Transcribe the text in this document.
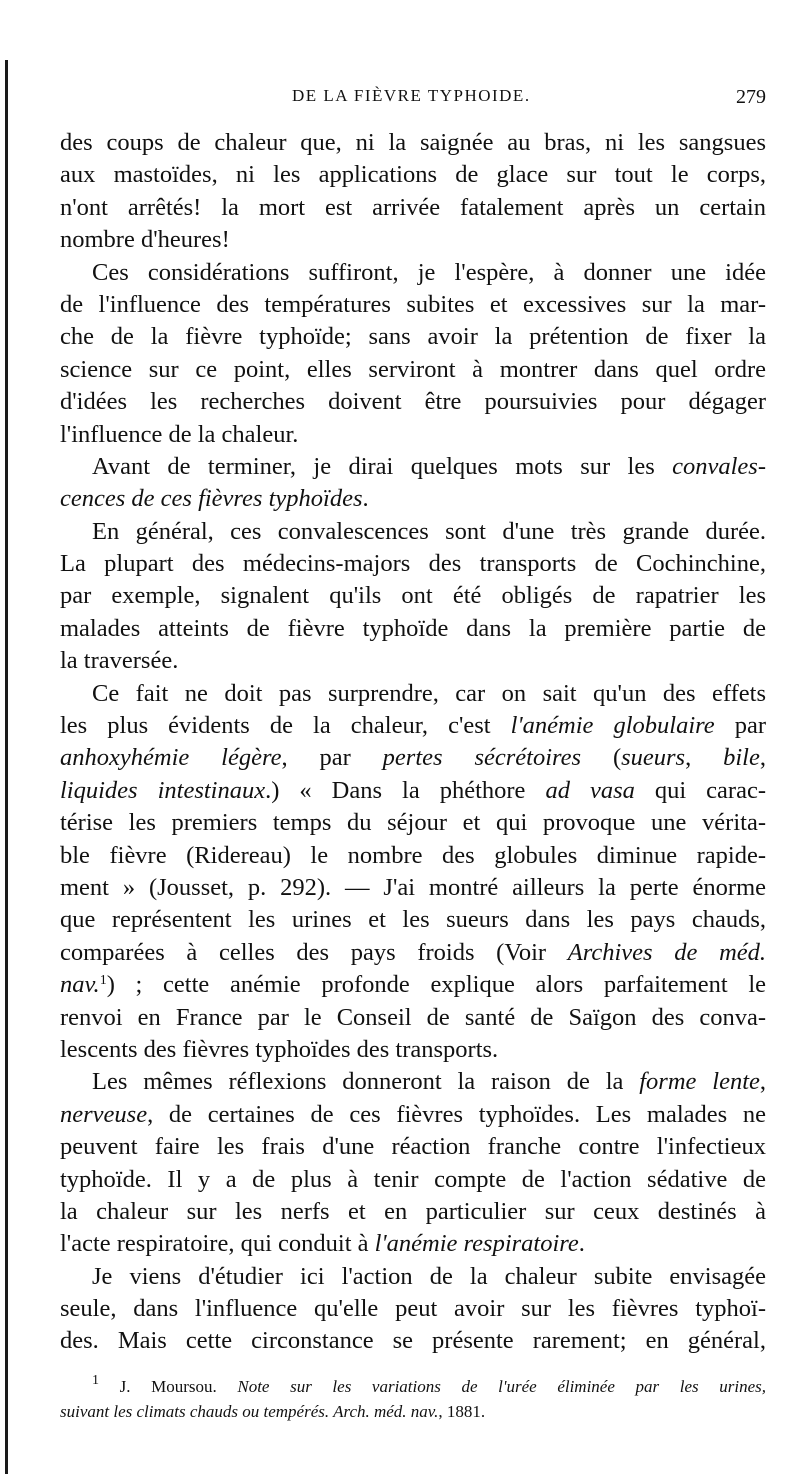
DE LA FIÈVRE TYPHOIDE.	279
des coups de chaleur que, ni la saignée au bras, ni les sangsues
aux mastoïdes, ni les applications de glace sur tout le corps,
n'ont arrêtés! la mort est arrivée fatalement après un certain
nombre d'heures!
Ces considérations suffiront, je l'espère, à donner une idée
de l'influence des températures subites et excessives sur la mar-
che de la fièvre typhoïde; sans avoir la prétention de fixer la
science sur ce point, elles serviront à montrer dans quel ordre
d'idées les recherches doivent être poursuivies pour dégager
l'influence de la chaleur.
Avant de terminer, je dirai quelques mots sur les convales-
cences de ces fièvres typhoïdes.
En général, ces convalescences sont d'une très grande durée.
La plupart des médecins-majors des transports de Cochinchine,
par exemple, signalent qu'ils ont été obligés de rapatrier les
malades atteints de fièvre typhoïde dans la première partie de
la traversée.
Ce fait ne doit pas surprendre, car on sait qu'un des effets
les plus évidents de la chaleur, c'est l'anémie globulaire par
anhoxyhémie légère, par pertes sécrétoires (sueurs, bile,
liquides intestinaux.) « Dans la phéthore ad vasa qui carac-
térise les premiers temps du séjour et qui provoque une vérita-
ble fièvre (Ridereau) le nombre des globules diminue rapide-
ment » (Jousset, p. 292). — J'ai montré ailleurs la perte énorme
que représentent les urines et les sueurs dans les pays chauds,
comparées à celles des pays froids (Voir Archives de méd.
nav.$^1$) ; cette anémie profonde explique alors parfaitement le
renvoi en France par le Conseil de santé de Saïgon des conva-
lescents des fièvres typhoïdes des transports.
Les mêmes réflexions donneront la raison de la forme lente,
nerveuse, de certaines de ces fièvres typhoïdes. Les malades ne
peuvent faire les frais d'une réaction franche contre l'infectieux
typhoïde. Il y a de plus à tenir compte de l'action sédative de
la chaleur sur les nerfs et en particulier sur ceux destinés à
l'acte respiratoire, qui conduit à l'anémie respiratoire.
Je viens d'étudier ici l'action de la chaleur subite envisagée
seule, dans l'influence qu'elle peut avoir sur les fièvres typhoï-
des. Mais cette circonstance se présente rarement; en général,
$^1$ J. Moursou. Note sur les variations de l'urée éliminée par les urines,
suivant les climats chauds ou tempérés. Arch. méd. nav., 1881.
